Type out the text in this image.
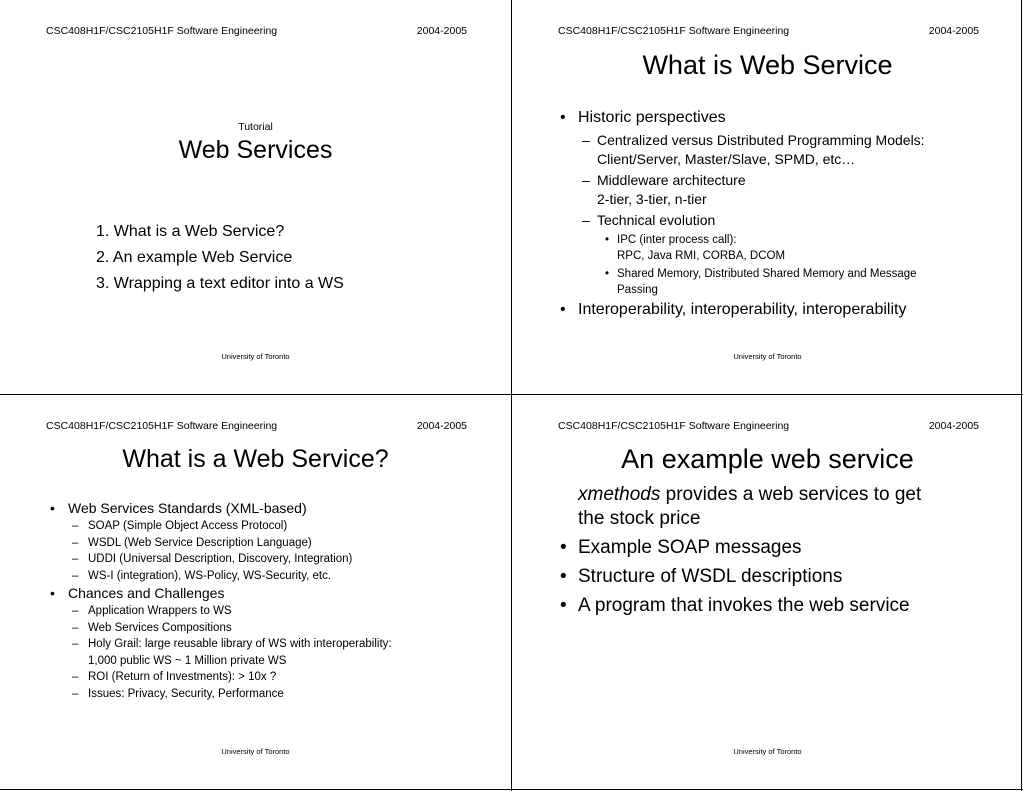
CSC408H1F/CSC2105H1F Software Engineering	2004-2005
Tutorial
Web Services
1. What is a Web Service?
2. An example Web Service
3. Wrapping a text editor into a WS
University of Toronto
CSC408H1F/CSC2105H1F Software Engineering	2004-2005
What is Web Service
• Historic perspectives
– Centralized versus Distributed Programming Models:
Client/Server, Master/Slave, SPMD, etc…
– Middleware architecture
2-tier, 3-tier, n-tier
– Technical evolution
• IPC (inter process call):
RPC, Java RMI, CORBA, DCOM
• Shared Memory, Distributed Shared Memory and Message
Passing
• Interoperability, interoperability, interoperability
University of Toronto
CSC408H1F/CSC2105H1F Software Engineering	2004-2005
What is a Web Service?
• Web Services Standards (XML-based)
– SOAP (Simple Object Access Protocol)
– WSDL (Web Service Description Language)
– UDDI (Universal Description, Discovery, Integration)
– WS-I (integration), WS-Policy, WS-Security, etc.
• Chances and Challenges
– Application Wrappers to WS
– Web Services Compositions
– Holy Grail: large reusable library of WS with interoperability:
1,000 public WS ~ 1 Million private WS
– ROI (Return of Investments): > 10x ?
– Issues: Privacy, Security, Performance
University of Toronto
CSC408H1F/CSC2105H1F Software Engineering	2004-2005
An example web service
xmethods provides a web services to get
the stock price
• Example SOAP messages
• Structure of WSDL descriptions
• A program that invokes the web service
University of Toronto
